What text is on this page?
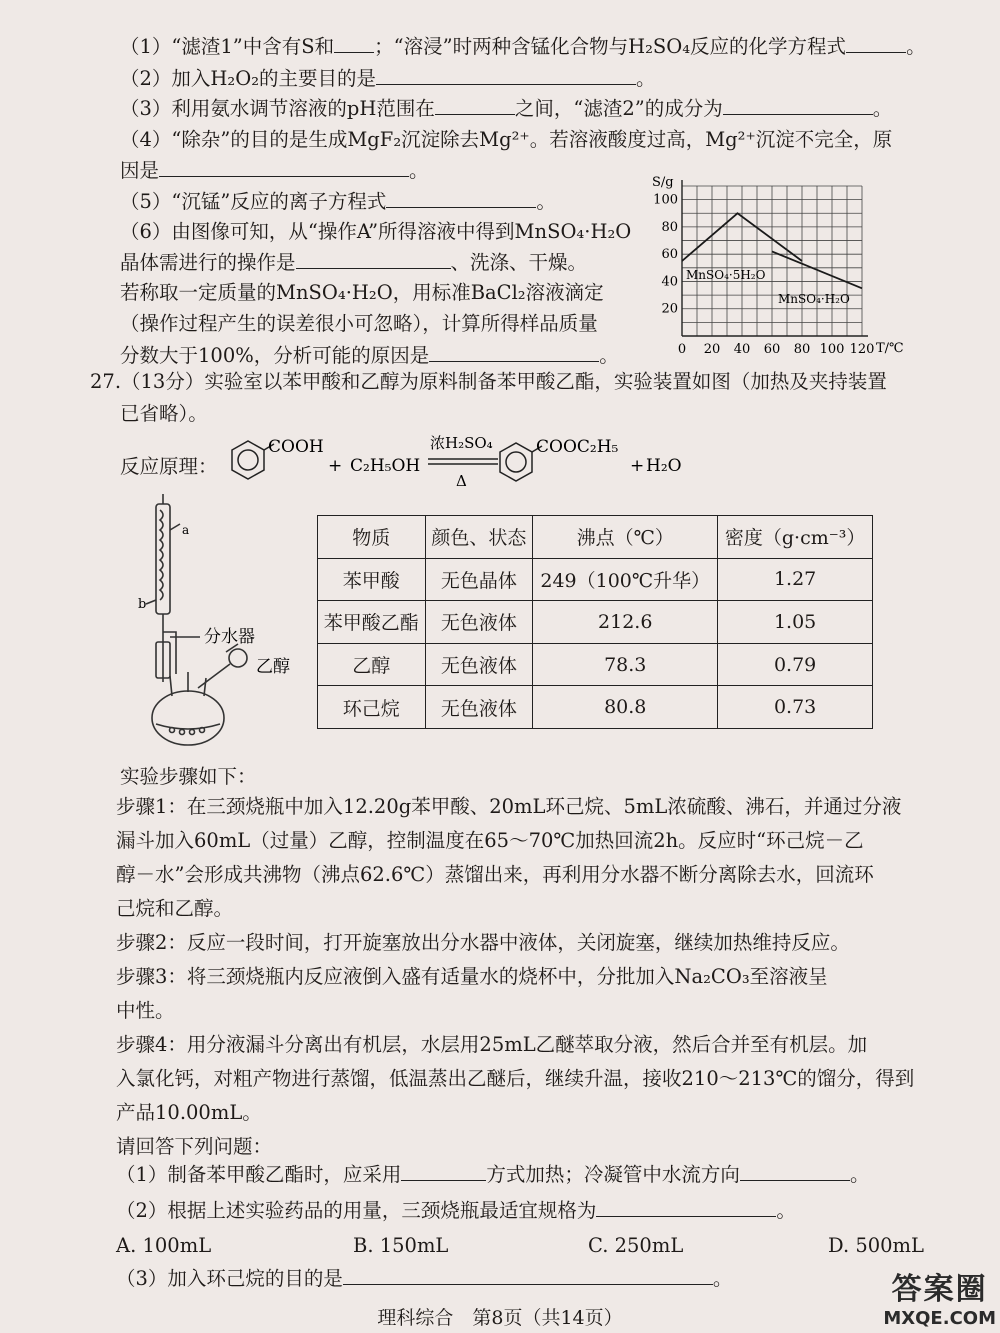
（1）“滤渣1”中含有S和 ；“溶浸”时两种含锰化合物与H₂SO₄反应的化学方程式	。
（2）加入H₂O₂的主要目的是	。
（3）利用氨水调节溶液的pH范围在	之间，“滤渣2”的成分为	。
（4）“除杂”的目的是生成MgF₂沉淀除去Mg²⁺。若溶液酸度过高，Mg²⁺沉淀不完全，原
因是	。
（5）“沉锰”反应的离子方程式	。
（6）由图像可知，从“操作A”所得溶液中得到MnSO₄·H₂O
晶体需进行的操作是	、洗涤、干燥。
若称取一定质量的MnSO₄·H₂O，用标准BaCl₂溶液滴定
（操作过程产生的误差很小可忽略），计算所得样品质量
分数大于100%，分析可能的原因是	。	0 20 40 60 80 100 120
20
40
60
80
100
S/g
T/℃
MnSO₄·5H₂O
MnSO₄·H₂O
27.（13分）实验室以苯甲酸和乙醇为原料制备苯甲酸乙酯，实验装置如图（加热及夹持装置
已省略）。
反应原理：
COOH
+ C₂H₅OH
浓H₂SO₄
Δ
COOC₂H₅
+ H₂O
a
b
分水器
乙醇
物质	颜色、状态	沸点（℃）	密度（g·cm⁻³）
苯甲酸	无色晶体	249（100℃升华）	1.27
苯甲酸乙酯	无色液体	212.6	1.05
乙醇	无色液体	78.3	0.79
环己烷	无色液体	80.8	0.73
实验步骤如下：
步骤1：在三颈烧瓶中加入12.20g苯甲酸、20mL环己烷、5mL浓硫酸、沸石，并通过分液
漏斗加入60mL（过量）乙醇，控制温度在65～70℃加热回流2h。反应时“环己烷－乙
醇－水”会形成共沸物（沸点62.6℃）蒸馏出来，再利用分水器不断分离除去水，回流环
己烷和乙醇。
步骤2：反应一段时间，打开旋塞放出分水器中液体，关闭旋塞，继续加热维持反应。
步骤3：将三颈烧瓶内反应液倒入盛有适量水的烧杯中，分批加入Na₂CO₃至溶液呈
中性。
步骤4：用分液漏斗分离出有机层，水层用25mL乙醚萃取分液，然后合并至有机层。加
入氯化钙，对粗产物进行蒸馏，低温蒸出乙醚后，继续升温，接收210～213℃的馏分，得到
产品10.00mL。
请回答下列问题：
（1）制备苯甲酸乙酯时，应采用	方式加热；冷凝管中水流方向	。
（2）根据上述实验药品的用量，三颈烧瓶最适宜规格为	。
A. 100mL	B. 150mL	C. 250mL	D. 500mL
（3）加入环己烷的目的是	。
理科综合　第8页（共14页）
答案圈
MXQE.COM
